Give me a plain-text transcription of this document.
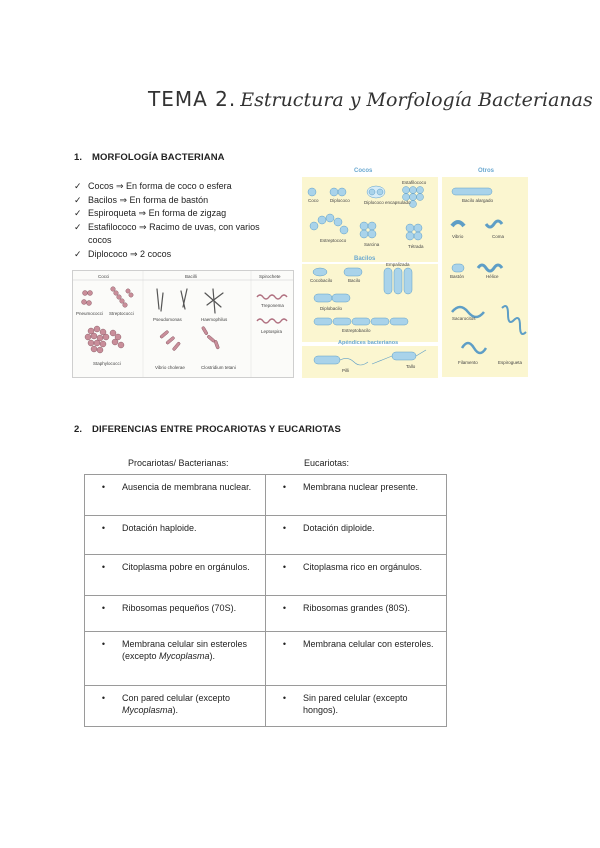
TEMA 2. Estructura y Morfología Bacterianas
1. MORFOLOGÍA BACTERIANA
✓ Cocos ⇒ En forma de coco o esfera
✓ Bacilos ⇒ En forma de bastón
✓ Espiroqueta ⇒ En forma de zigzag
✓ Estafilococo ⇒ Racimo de uvas, con varios cocos
✓ Diplococo ⇒ 2 cocos
Cocci	Bacilli	Spirochete
Pneumococci Streptococci
Staphylococci
Pseudomonas	Haemophilus
Treponema
Leptospira
Vibrio cholerae	Clostridium tetani
Cocos	Otros
Bacilos
Apéndices bacterianos
Coco	Diplococo	Diplococo encapsulado
Estafilococo
Estreptococo
Sarcina	Tétrada
Bacilo alargado
Vibrio	Coma
Cocobacilo	Bacilo
Empalizada
Diplobacilo
Estreptobacilo
Bastón	Hélice
Sacarocitos
Filamento	Espirogueta
Pilli
Tallo
2. DIFERENCIAS ENTRE PROCARIOTAS Y EUCARIOTAS
Procariotas/ Bacterianas:	Eucariotas:
• Ausencia de membrana nuclear.	• Membrana nuclear presente.

• Dotación haploide.	• Dotación diploide.

• Citoplasma pobre en orgánulos.	• Citoplasma rico en orgánulos.

• Ribosomas pequeños (70S).	• Ribosomas grandes (80S).

• Membrana celular sin esteroles (excepto Mycoplasma).	• Membrana celular con esteroles.

• Con pared celular (excepto Mycoplasma).	• Sin pared celular (excepto hongos).
